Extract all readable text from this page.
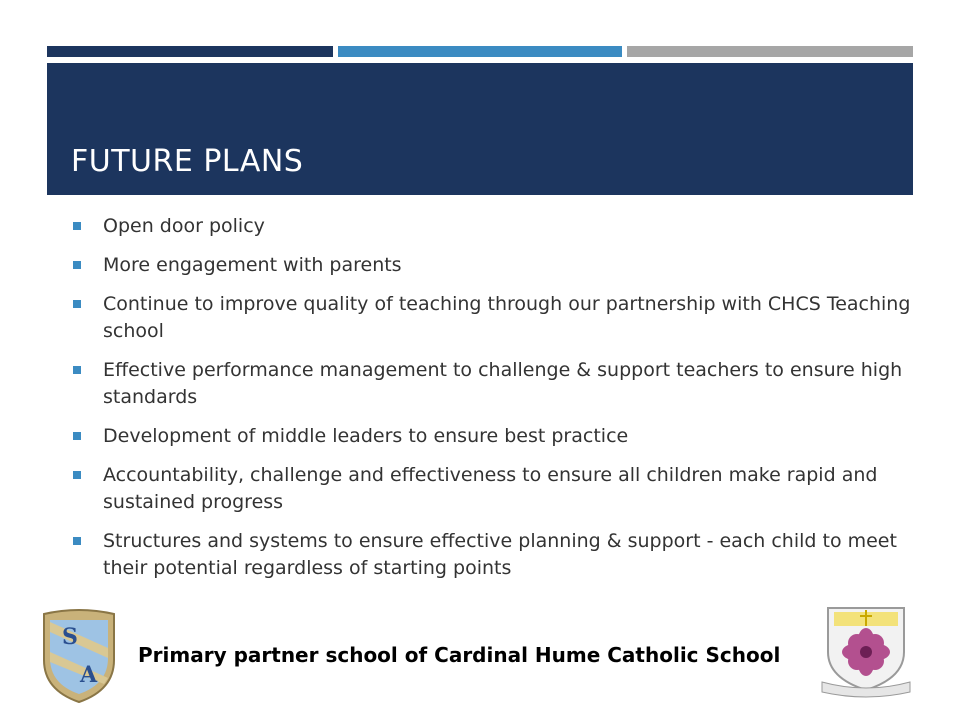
FUTURE PLANS
Open door policy
More engagement with parents
Continue to improve quality of teaching through our partnership with CHCS Teaching school
Effective performance management to challenge & support teachers to ensure high standards
Development of middle leaders to ensure best practice
Accountability, challenge and effectiveness to ensure all children make rapid and sustained progress
Structures and systems to ensure effective planning & support - each child to meet their potential regardless of starting points
S
A
Primary partner school of Cardinal Hume Catholic School
